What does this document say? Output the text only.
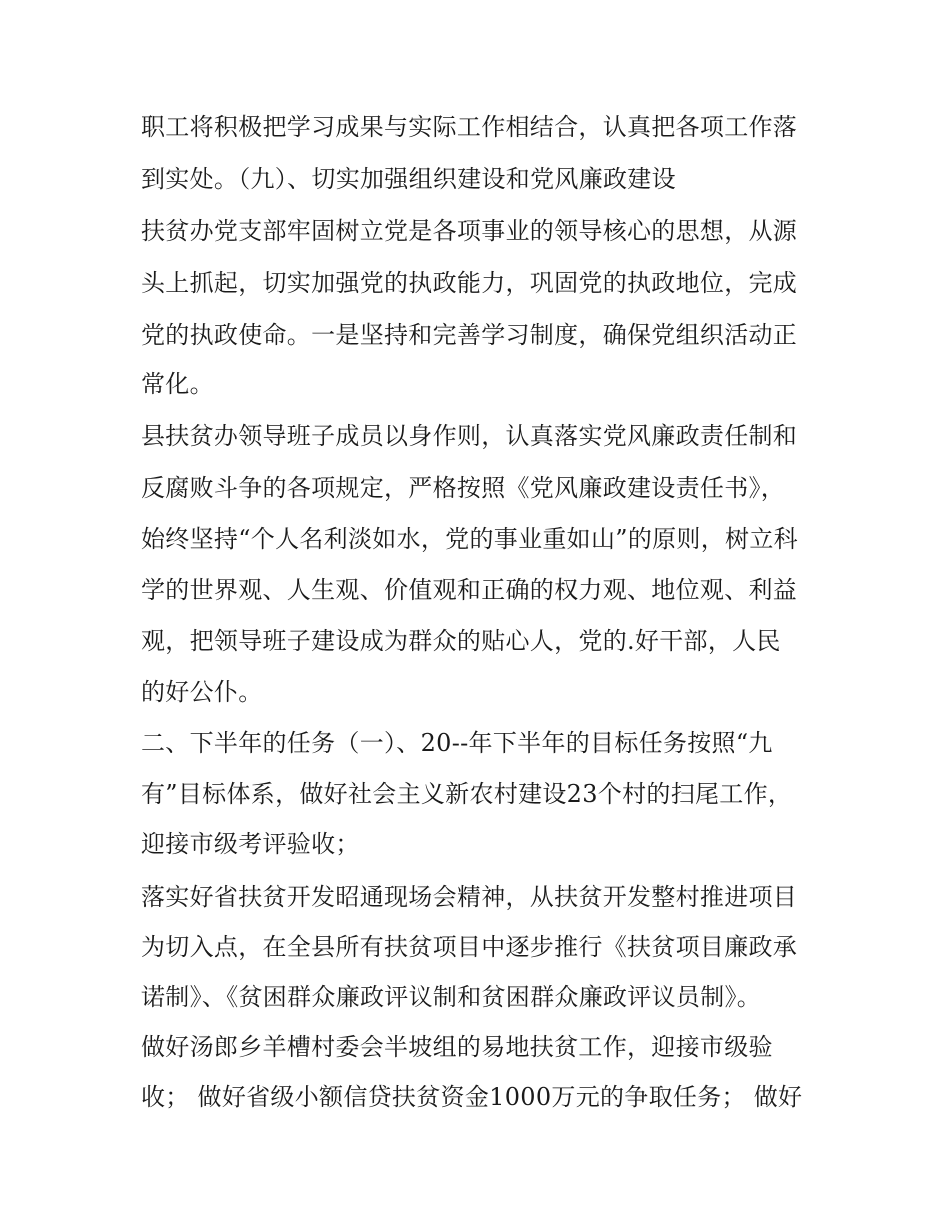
职工将积极把学习成果与实际工作相结合，认真把各项工作落
到实处。（九）、切实加强组织建设和党风廉政建设
扶贫办党支部牢固树立党是各项事业的领导核心的思想，从源
头上抓起，切实加强党的执政能力，巩固党的执政地位，完成
党的执政使命。一是坚持和完善学习制度，确保党组织活动正
常化。
县扶贫办领导班子成员以身作则，认真落实党风廉政责任制和
反腐败斗争的各项规定，严格按照《党风廉政建设责任书》，
始终坚持“个人名利淡如水，党的事业重如山”的原则，树立科
学的世界观、人生观、价值观和正确的权力观、地位观、利益
观，把领导班子建设成为群众的贴心人，党的.好干部，人民
的好公仆。
二、下半年的任务（一）、20--年下半年的目标任务按照“九
有”目标体系，做好社会主义新农村建设23个村的扫尾工作，
迎接市级考评验收；
落实好省扶贫开发昭通现场会精神，从扶贫开发整村推进项目
为切入点，在全县所有扶贫项目中逐步推行《扶贫项目廉政承
诺制》、《贫困群众廉政评议制和贫困群众廉政评议员制》。
做好汤郎乡羊槽村委会半坡组的易地扶贫工作，迎接市级验
收； 做好省级小额信贷扶贫资金1000万元的争取任务； 做好
